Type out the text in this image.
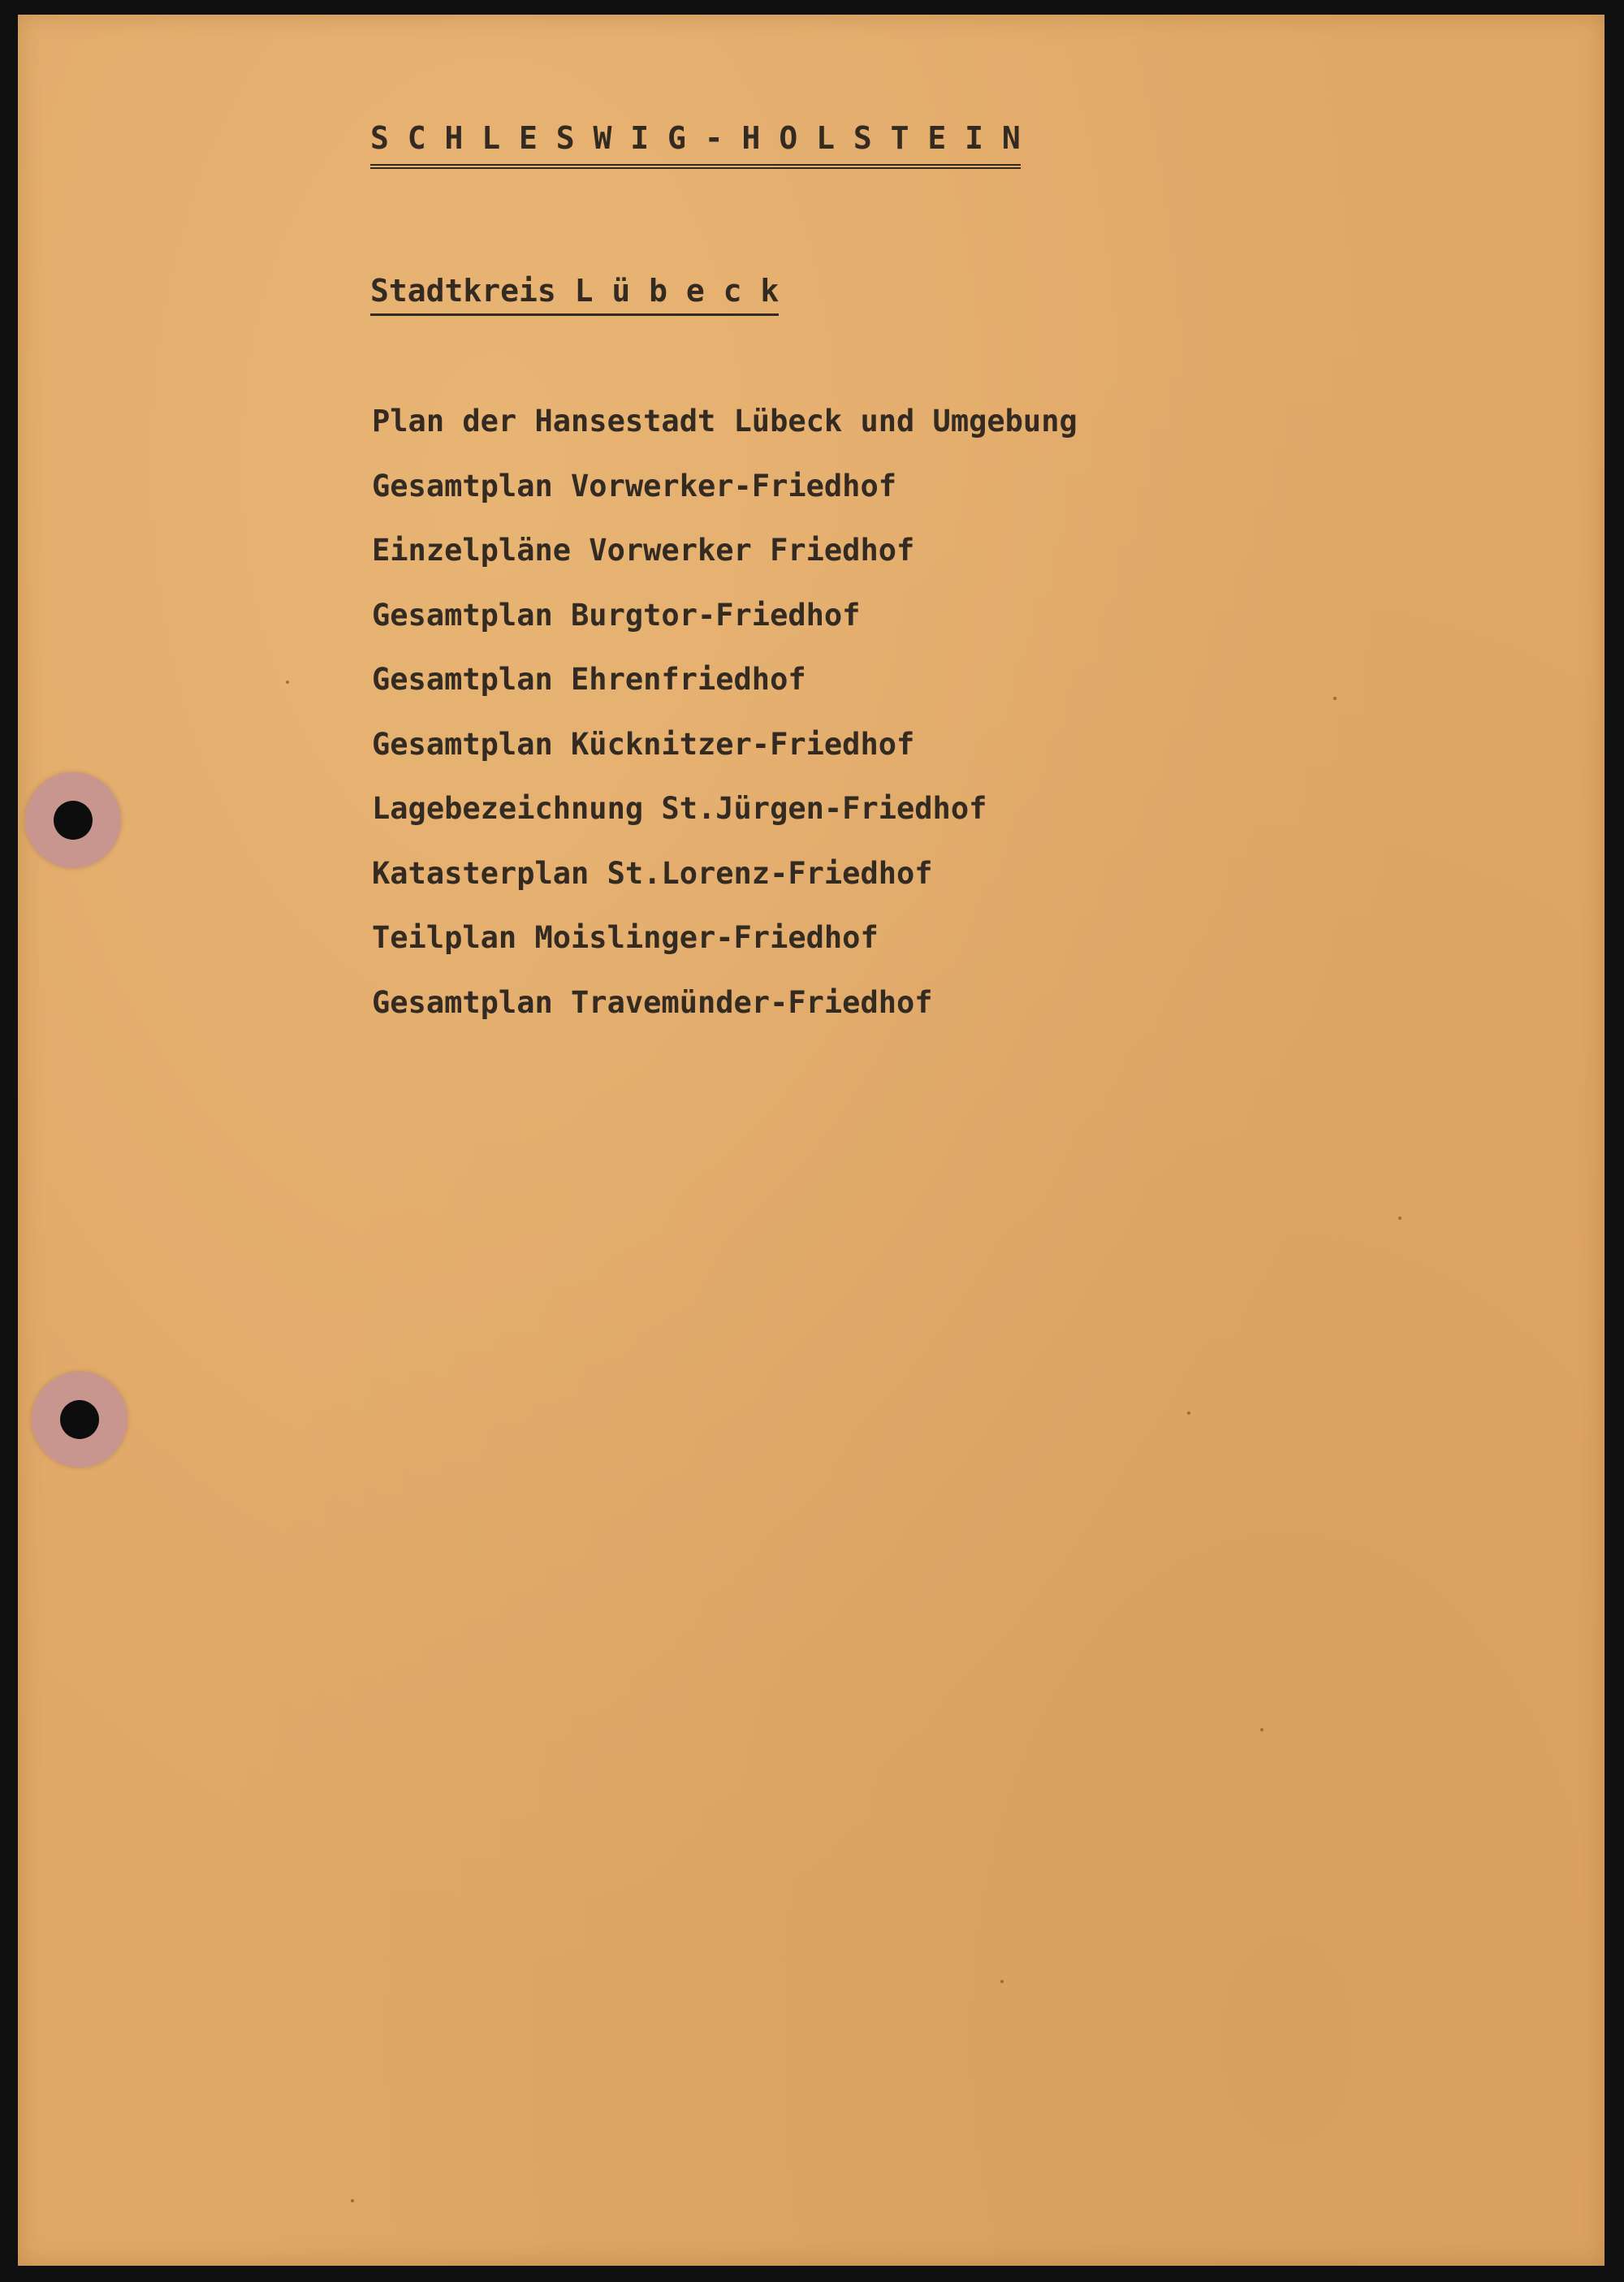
S C H L E S W I G - H O L S T E I N
Stadtkreis L ü b e c k
Plan der Hansestadt Lübeck und Umgebung
Gesamtplan Vorwerker-Friedhof
Einzelpläne Vorwerker Friedhof
Gesamtplan Burgtor-Friedhof
Gesamtplan Ehrenfriedhof
Gesamtplan Kücknitzer-Friedhof
Lagebezeichnung St.Jürgen-Friedhof
Katasterplan St.Lorenz-Friedhof
Teilplan Moislinger-Friedhof
Gesamtplan Travemünder-Friedhof
